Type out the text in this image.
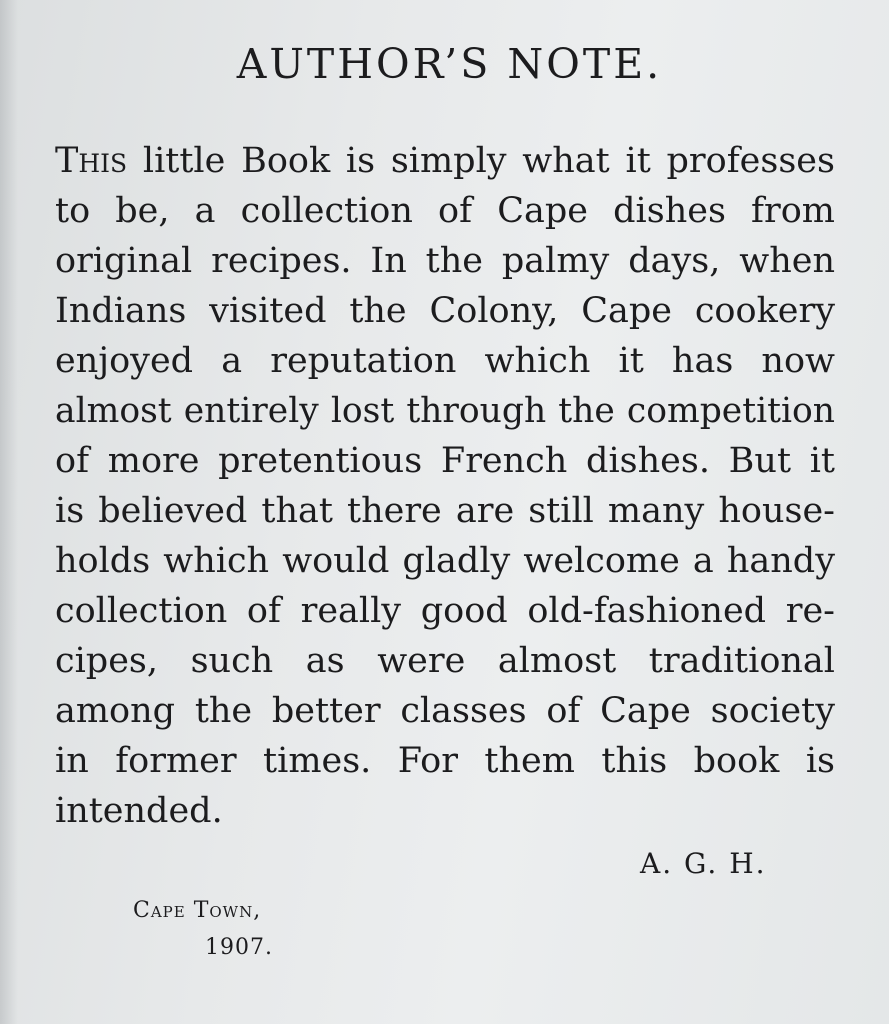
AUTHOR’S NOTE.
This little Book is simply what it professes
to be, a collection of Cape dishes from
original recipes. In the palmy days, when
Indians visited the Colony, Cape cookery
enjoyed a reputation which it has now
almost entirely lost through the competition
of more pretentious French dishes. But it
is believed that there are still many house-
holds which would gladly welcome a handy
collection of really good old-fashioned re-
cipes, such as were almost traditional
among the better classes of Cape society
in former times. For them this book is
intended.
A. G. H.
Cape Town,
1907.
